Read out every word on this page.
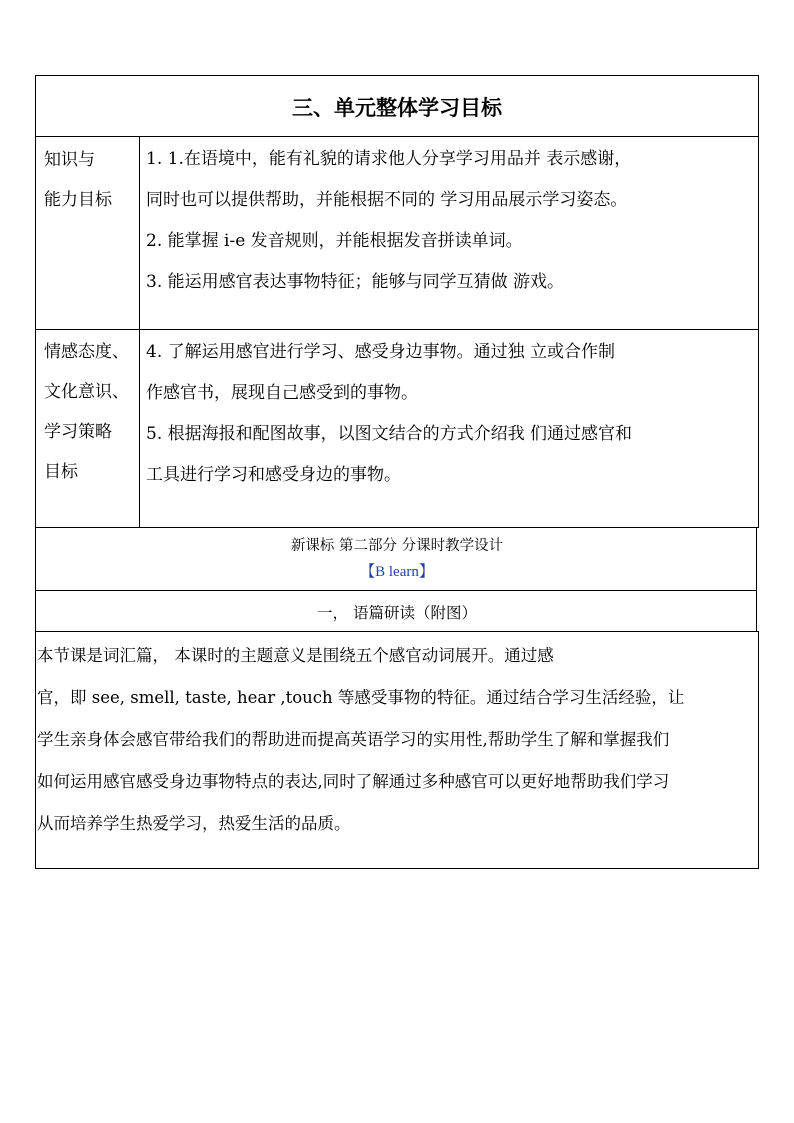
三、单元整体学习目标
知识与
能力目标

1. 1.在语境中，能有礼貌的请求他人分享学习用品并 表示感谢，

同时也可以提供帮助，并能根据不同的 学习用品展示学习姿态。

2. 能掌握 i-e 发音规则，并能根据发音拼读单词。

3. 能运用感官表达事物特征；能够与同学互猜做 游戏。

情感态度、
文化意识、
学习策略
目标

4. 了解运用感官进行学习、感受身边事物。通过独 立或合作制

作感官书，展现自己感受到的事物。

5. 根据海报和配图故事，以图文结合的方式介绍我 们通过感官和

工具进行学习和感受身边的事物。

新课标 第二部分 分课时教学设计
【B learn】
一， 语篇研读（附图）

本节课是词汇篇， 本课时的主题意义是围绕五个感官动词展开。通过感

官，即 see, smell, taste, hear ,touch 等感受事物的特征。通过结合学习生活经验，让

学生亲身体会感官带给我们的帮助进而提高英语学习的实用性,帮助学生了解和掌握我们

如何运用感官感受身边事物特点的表达,同时了解通过多种感官可以更好地帮助我们学习

从而培养学生热爱学习，热爱生活的品质。
